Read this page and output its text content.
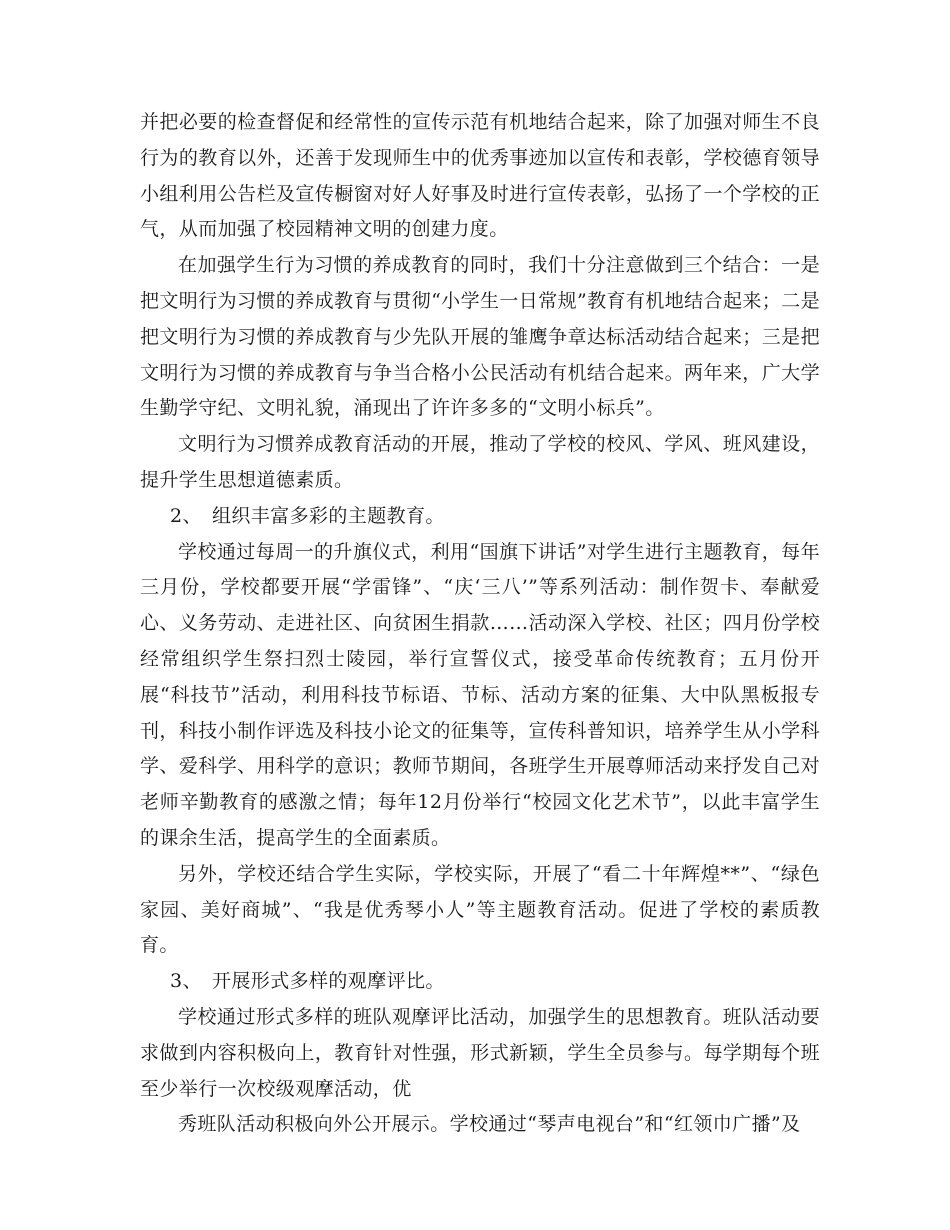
并把必要的检查督促和经常性的宣传示范有机地结合起来，除了加强对师生不良行为的教育以外，还善于发现师生中的优秀事迹加以宣传和表彰，学校德育领导小组利用公告栏及宣传橱窗对好人好事及时进行宣传表彰，弘扬了一个学校的正气，从而加强了校园精神文明的创建力度。

在加强学生行为习惯的养成教育的同时，我们十分注意做到三个结合：一是把文明行为习惯的养成教育与贯彻“小学生一日常规”教育有机地结合起来；二是把文明行为习惯的养成教育与少先队开展的雏鹰争章达标活动结合起来；三是把文明行为习惯的养成教育与争当合格小公民活动有机结合起来。两年来，广大学生勤学守纪、文明礼貌，涌现出了许许多多的“文明小标兵”。

文明行为习惯养成教育活动的开展，推动了学校的校风、学风、班风建设，提升学生思想道德素质。

2、 组织丰富多彩的主题教育。

学校通过每周一的升旗仪式，利用“国旗下讲话”对学生进行主题教育，每年三月份，学校都要开展“学雷锋”、“庆‘三八’”等系列活动：制作贺卡、奉献爱心、义务劳动、走进社区、向贫困生捐款……活动深入学校、社区；四月份学校经常组织学生祭扫烈士陵园，举行宣誓仪式，接受革命传统教育；五月份开展“科技节”活动，利用科技节标语、节标、活动方案的征集、大中队黑板报专刊，科技小制作评选及科技小论文的征集等，宣传科普知识，培养学生从小学科学、爱科学、用科学的意识；教师节期间，各班学生开展尊师活动来抒发自己对老师辛勤教育的感激之情；每年12月份举行“校园文化艺术节”，以此丰富学生的课余生活，提高学生的全面素质。

另外，学校还结合学生实际，学校实际，开展了“看二十年辉煌**”、“绿色家园、美好商城”、“我是优秀琴小人”等主题教育活动。促进了学校的素质教育。

3、 开展形式多样的观摩评比。

学校通过形式多样的班队观摩评比活动，加强学生的思想教育。班队活动要求做到内容积极向上，教育针对性强，形式新颖，学生全员参与。每学期每个班至少举行一次校级观摩活动，优

秀班队活动积极向外公开展示。学校通过“琴声电视台”和“红领巾广播”及
